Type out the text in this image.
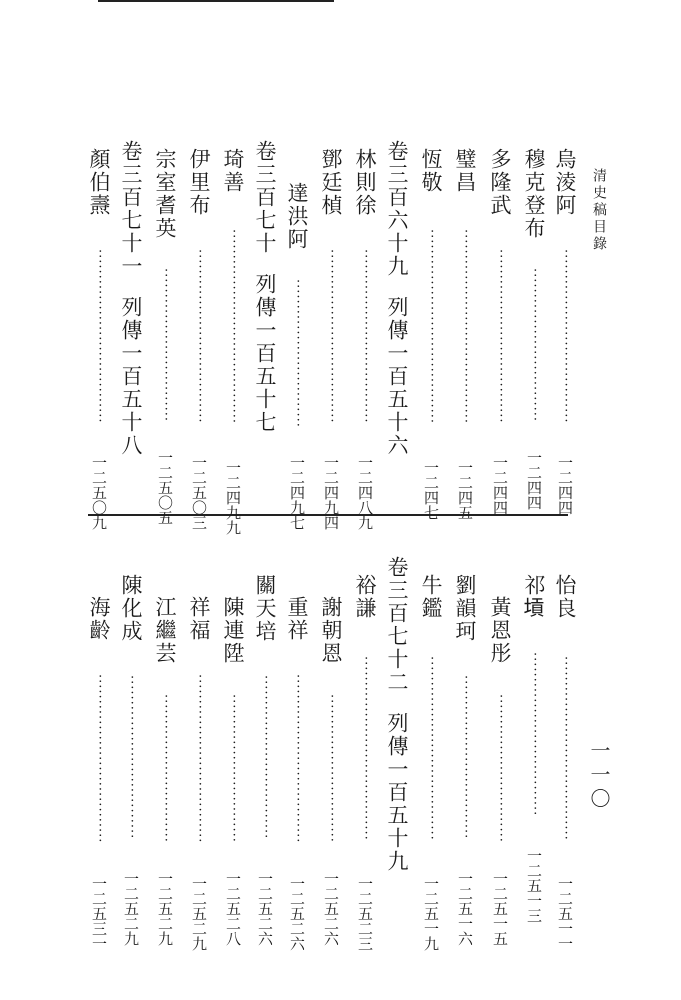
清史稿目錄
一一〇
烏淩阿··································一二四四
穆克登布······························一二四四
多隆武··································一二四四
璧昌······································一二四五
恆敬······································一二四七
卷三百六十九列傳一百五十六
林則徐··································一二四八九
鄧廷楨··································一二四九四
達洪阿·····························一二四九七
卷三百七十列傳一百五十七
琦善······································一二四九九
伊里布··································一二五〇三
宗室耆英······························一二五〇五
卷三百七十一列傳一百五十八
顏伯燾··································一二五〇九
怡良····································一二五一一
祁𡎴································一二五一三
黃恩彤·····························一二五一五
劉韻珂································一二五一六
牛鑑····································一二五一九
卷三百七十二列傳一百五十九
裕謙····································一二五二三
謝朝恩·····························一二五二六
重祥·································一二五二六
關天培································一二五二六
陳連陞·····························一二五二八
祥福·································一二五二九
江繼芸·····························一二五二九
陳化成································一二五二九
海齡·································一二五三一
